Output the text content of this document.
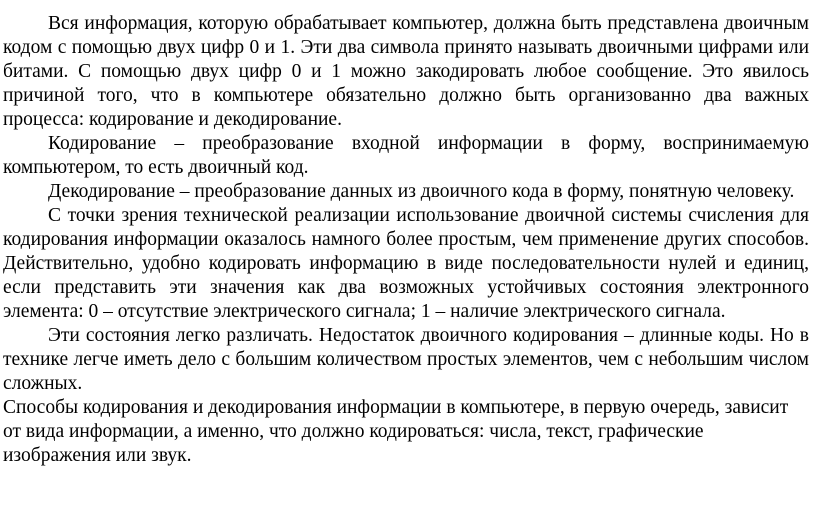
Вся информация, которую обрабатывает компьютер, должна быть представлена двоичным кодом с помощью двух цифр 0 и 1. Эти два символа принято называть двоичными цифрами или битами. С помощью двух цифр 0 и 1 можно закодировать любое сообщение. Это явилось причиной того, что в компьютере обязательно должно быть организованно два важных процесса: кодирование и декодирование.

Кодирование – преобразование входной информации в форму, воспринимаемую компьютером, то есть двоичный код.

Декодирование – преобразование данных из двоичного кода в форму, понятную человеку.

С точки зрения технической реализации использование двоичной системы счисления для кодирования информации оказалось намного более простым, чем применение других способов. Действительно, удобно кодировать информацию в виде последовательности нулей и единиц, если представить эти значения как два возможных устойчивых состояния электронного элемента: 0 – отсутствие электрического сигнала; 1 – наличие электрического сигнала.

Эти состояния легко различать. Недостаток двоичного кодирования – длинные коды. Но в технике легче иметь дело с большим количеством простых элементов, чем с небольшим числом сложных.

Способы кодирования и декодирования информации в компьютере, в первую очередь, зависит от вида информации, а именно, что должно кодироваться: числа, текст, графические изображения или звук.
